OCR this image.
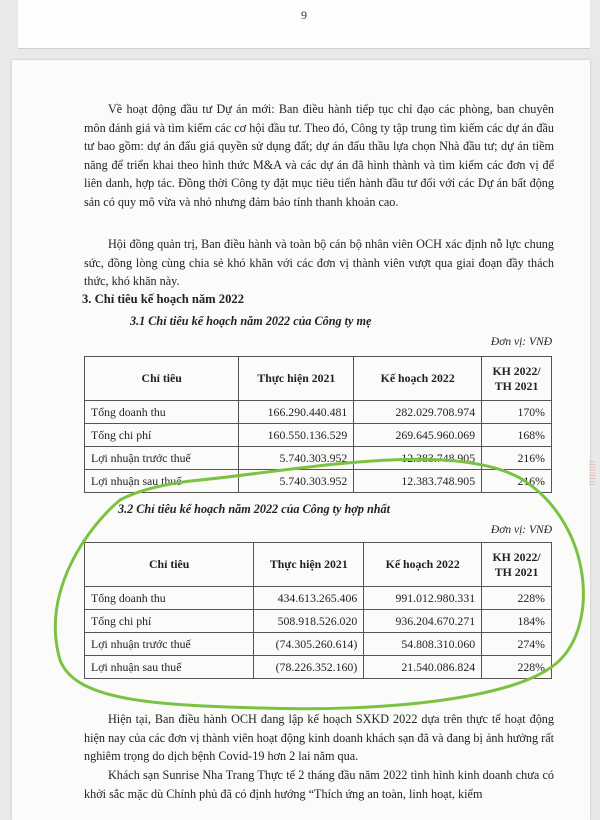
9

Về hoạt động đầu tư Dự án mới: Ban điều hành tiếp tục chỉ đạo các phòng, ban chuyên môn đánh giá và tìm kiếm các cơ hội đầu tư. Theo đó, Công ty tập trung tìm kiếm các dự án đầu tư bao gồm: dự án đấu giá quyền sử dụng đất; dự án đấu thầu lựa chọn Nhà đầu tư; dự án tiềm năng để triển khai theo hình thức M&A và các dự án đã hình thành và tìm kiếm các đơn vị để liên danh, hợp tác. Đồng thời Công ty đặt mục tiêu tiến hành đầu tư đối với các Dự án bất động sản có quy mô vừa và nhỏ nhưng đảm bảo tính thanh khoản cao.

Hội đồng quản trị, Ban điều hành và toàn bộ cán bộ nhân viên OCH xác định nỗ lực chung sức, đồng lòng cùng chia sẻ khó khăn với các đơn vị thành viên vượt qua giai đoạn đầy thách thức, khó khăn này.

3. Chỉ tiêu kế hoạch năm 2022
3.1 Chỉ tiêu kế hoạch năm 2022 của Công ty mẹ
Đơn vị: VNĐ
Chỉ tiêu	Thực hiện 2021	Kế hoạch 2022	KH 2022/ TH 2021
Tổng doanh thu	166.290.440.481	282.029.708.974	170%
Tổng chi phí	160.550.136.529	269.645.960.069	168%
Lợi nhuận trước thuế	5.740.303.952	12.383.748.905	216%
Lợi nhuận sau thuế	5.740.303.952	12.383.748.905	216%
3.2 Chỉ tiêu kế hoạch năm 2022 của Công ty hợp nhất
Đơn vị: VNĐ
Chỉ tiêu	Thực hiện 2021	Kế hoạch 2022	KH 2022/ TH 2021
Tổng doanh thu	434.613.265.406	991.012.980.331	228%
Tổng chi phí	508.918.526.020	936.204.670.271	184%
Lợi nhuận trước thuế	(74.305.260.614)	54.808.310.060	274%
Lợi nhuận sau thuế	(78.226.352.160)	21.540.086.824	228%

Hiện tại, Ban điều hành OCH đang lập kế hoạch SXKD 2022 dựa trên thực tế hoạt động hiện nay của các đơn vị thành viên hoạt động kinh doanh khách sạn đã và đang bị ảnh hưởng rất nghiêm trọng do dịch bệnh Covid-19 hơn 2 lai năm qua.

Khách sạn Sunrise Nha Trang Thực tế 2 tháng đầu năm 2022 tình hình kinh doanh chưa có khởi sắc mặc dù Chính phủ đã có định hướng “Thích ứng an toàn, linh hoạt, kiểm

⁝⁝⁝⁝⁝⁝⁝⁝⁝
